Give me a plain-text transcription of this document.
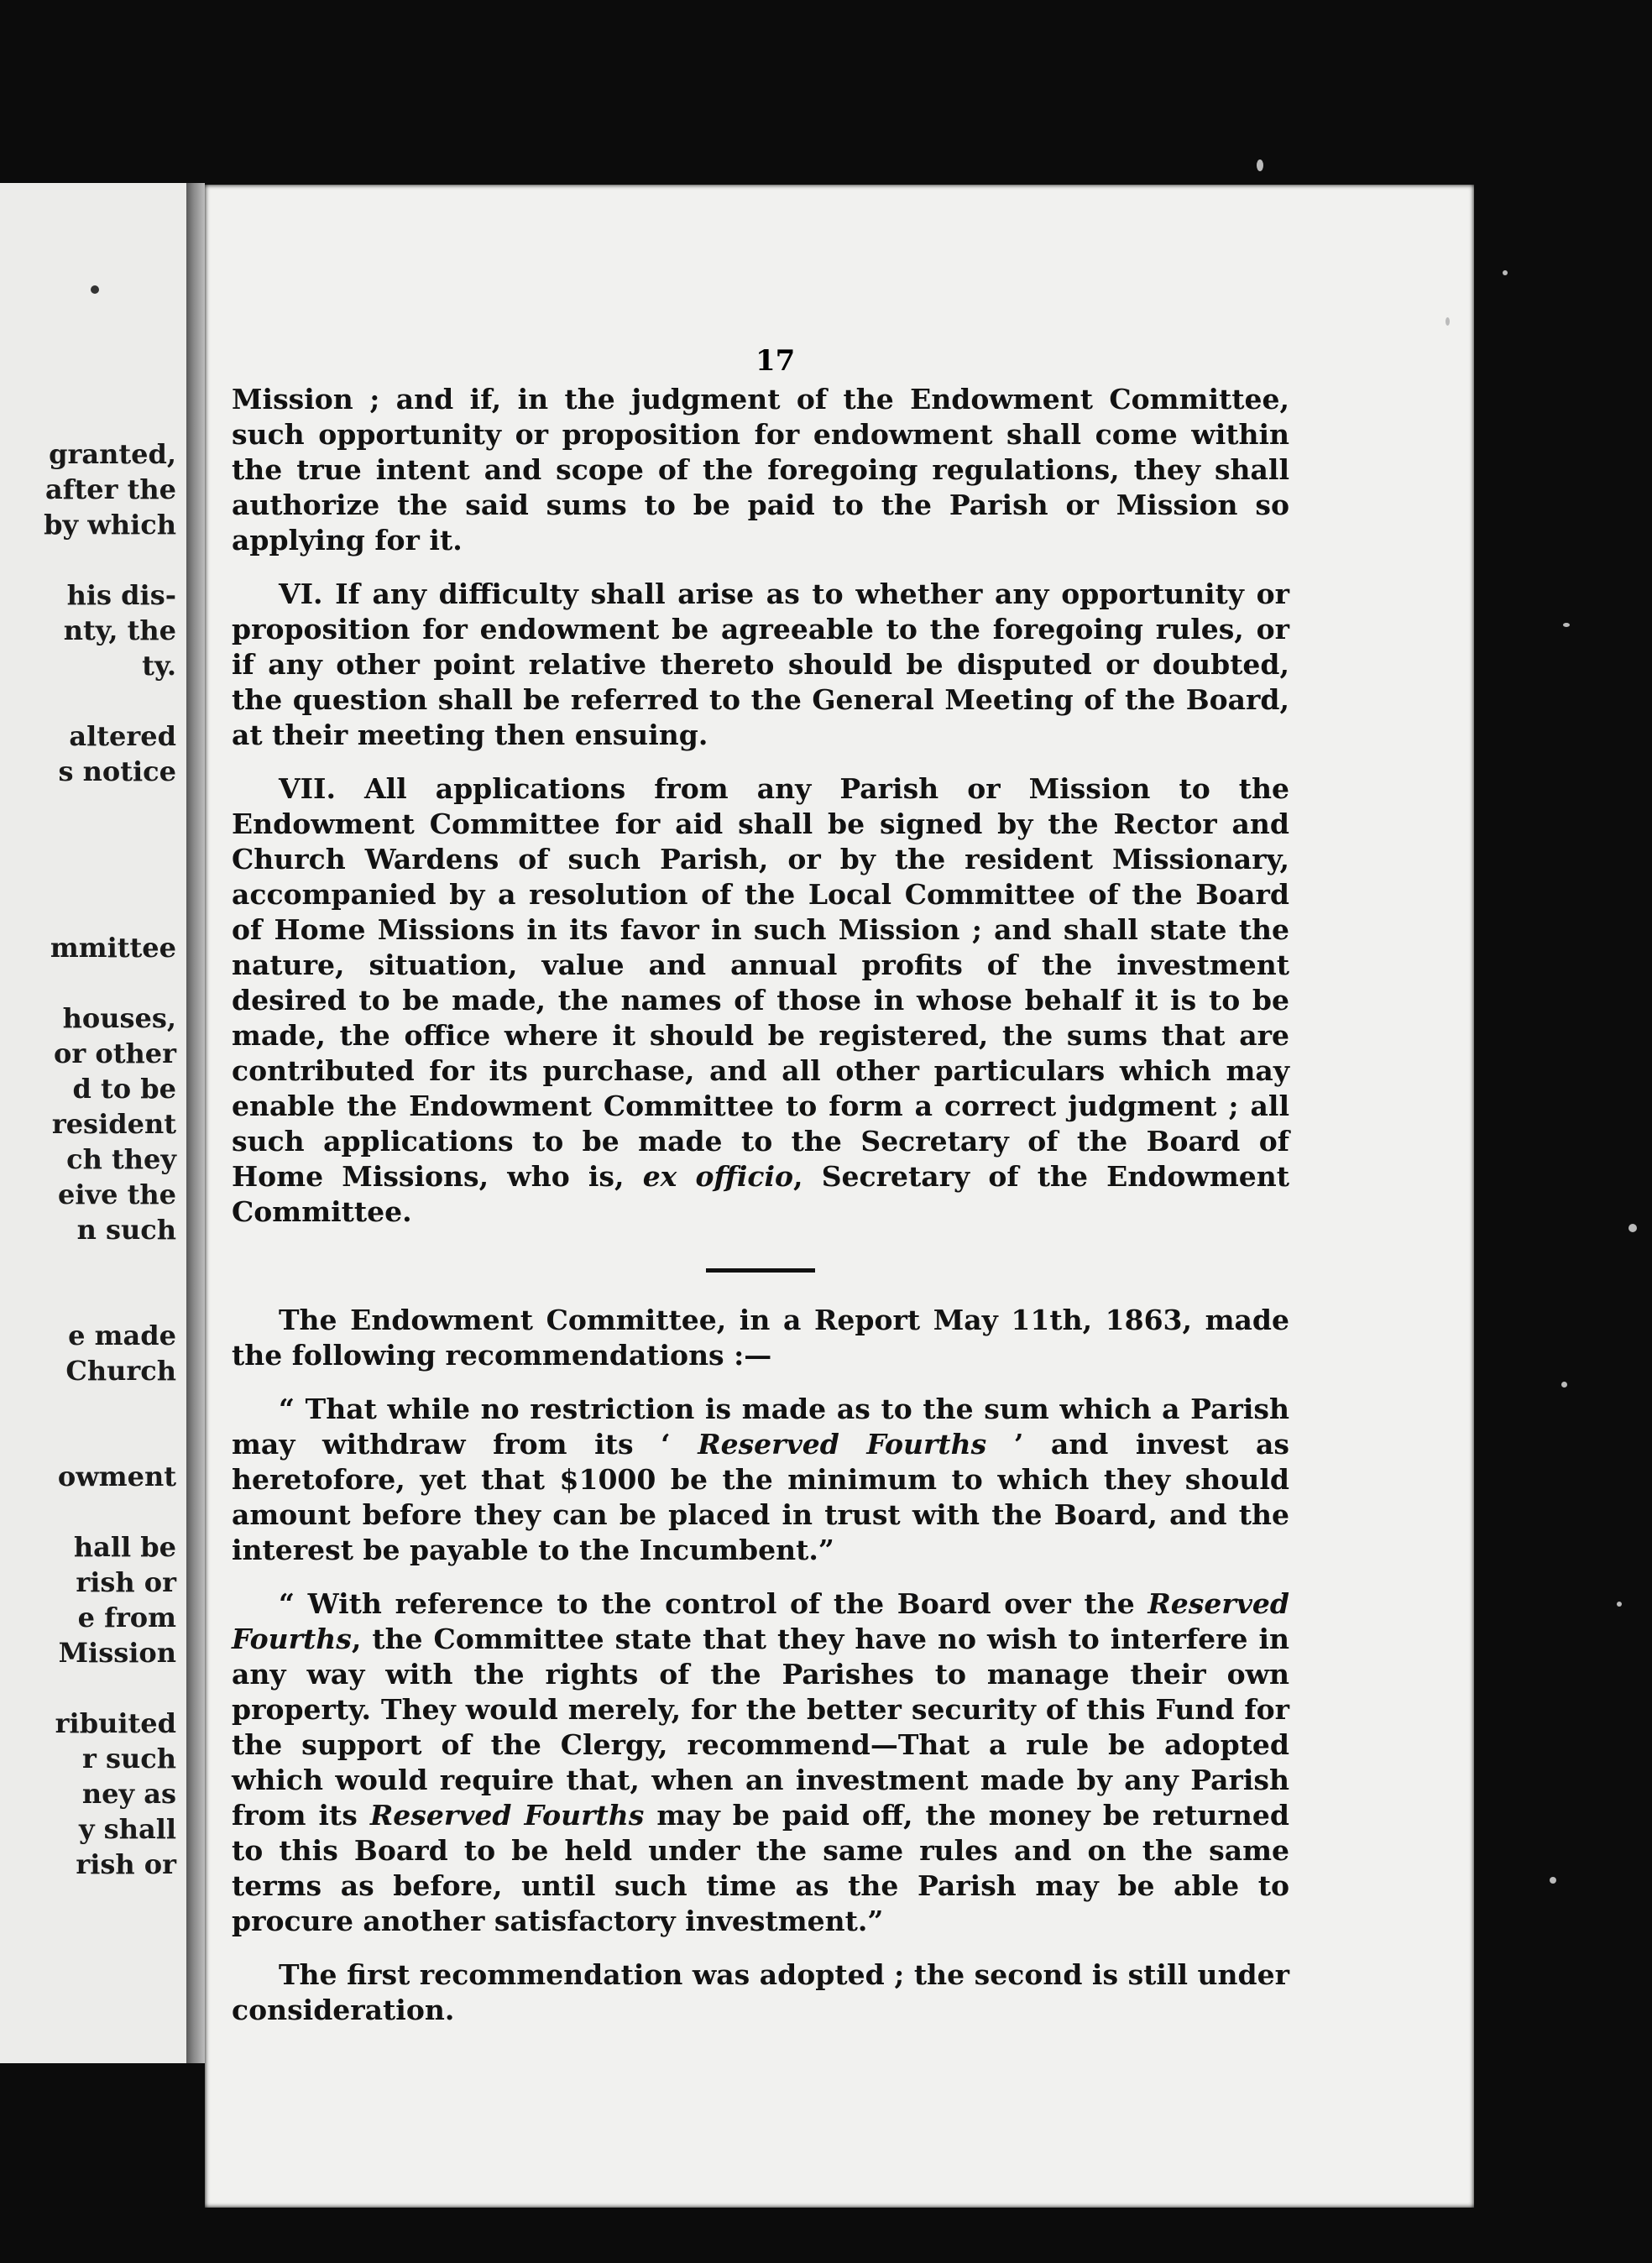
granted,
after the
by which
his dis-
nty, the
ty.
altered
s notice
mmittee
houses,
or other
d to be
resident
ch they
eive the
n such
e made
Church
owment
hall be
rish or
e from
Mission
ribuited
r such
ney as
y shall
rish or
17

Mission ; and if, in the judgment of the Endowment Committee, such opportunity or proposition for endowment shall come within the true intent and scope of the foregoing regulations, they shall authorize the said sums to be paid to the Parish or Mission so applying for it.

VI. If any difficulty shall arise as to whether any opportunity or proposition for endowment be agreeable to the foregoing rules, or if any other point relative thereto should be disputed or doubted, the question shall be referred to the General Meeting of the Board, at their meeting then ensuing.

VII. All applications from any Parish or Mission to the Endowment Committee for aid shall be signed by the Rector and Church Wardens of such Parish, or by the resident Missionary, accompanied by a resolution of the Local Committee of the Board of Home Missions in its favor in such Mission ; and shall state the nature, situation, value and annual profits of the investment desired to be made, the names of those in whose behalf it is to be made, the office where it should be registered, the sums that are contributed for its purchase, and all other particulars which may enable the Endowment Committee to form a correct judgment ; all such applications to be made to the Secretary of the Board of Home Missions, who is, ex officio, Secretary of the Endowment Committee.

The Endowment Committee, in a Report May 11th, 1863, made the following recommendations :—

“ That while no restriction is made as to the sum which a Parish may withdraw from its ‘ Reserved Fourths ’ and invest as heretofore, yet that $1000 be the minimum to which they should amount before they can be placed in trust with the Board, and the interest be payable to the Incumbent.”

“ With reference to the control of the Board over the Reserved Fourths, the Committee state that they have no wish to interfere in any way with the rights of the Parishes to manage their own property. They would merely, for the better security of this Fund for the support of the Clergy, recommend—That a rule be adopted which would require that, when an investment made by any Parish from its Reserved Fourths may be paid off, the money be returned to this Board to be held under the same rules and on the same terms as before, until such time as the Parish may be able to procure another satisfactory investment.”

The first recommendation was adopted ; the second is still under consideration.
